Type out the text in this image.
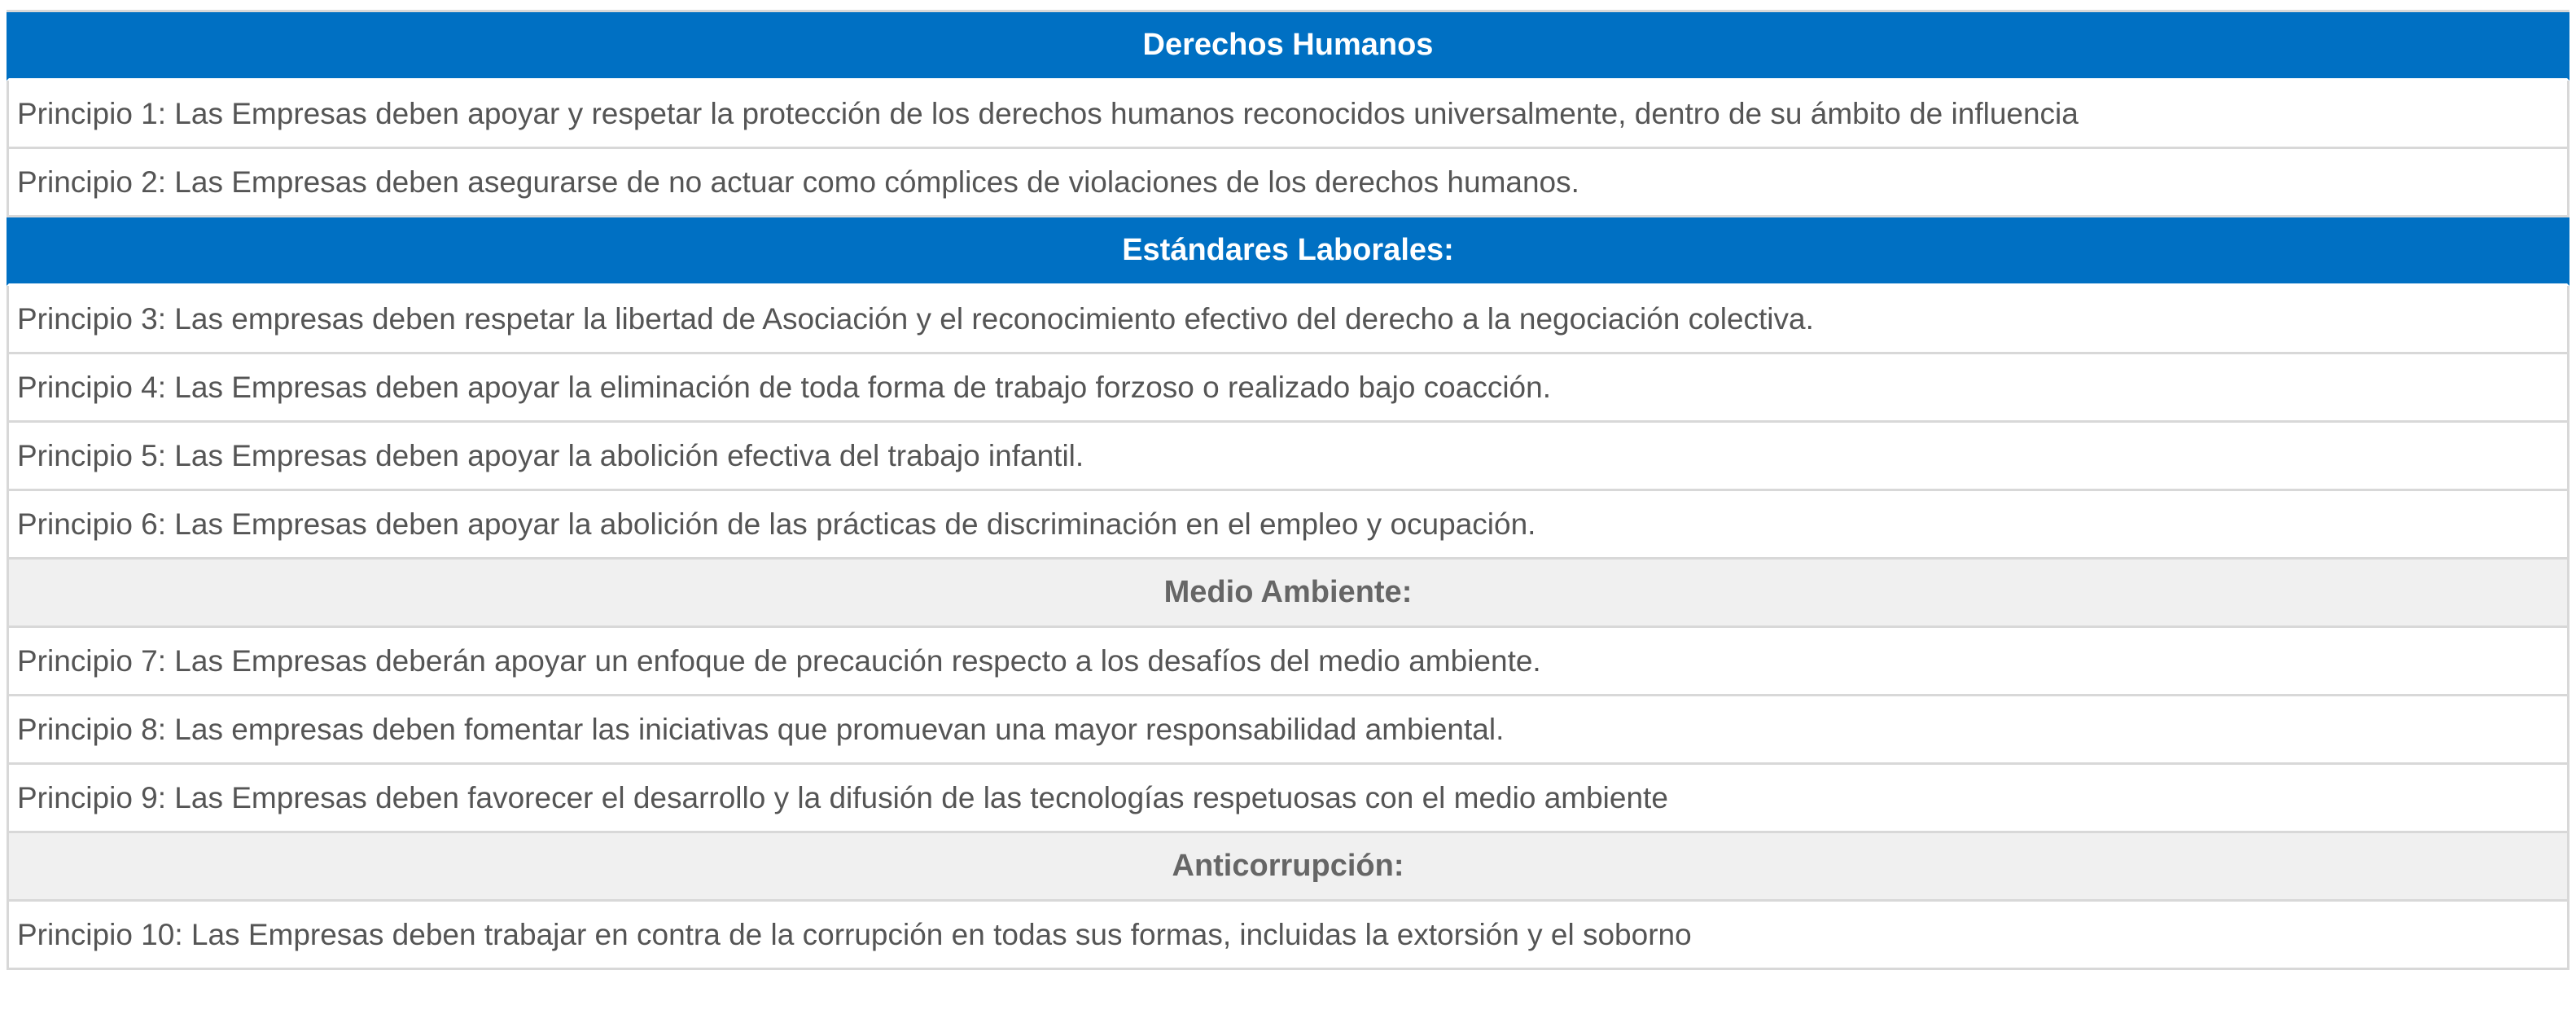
Derechos Humanos
Principio 1: Las Empresas deben apoyar y respetar la protección de los derechos humanos reconocidos universalmente, dentro de su ámbito de influencia
Principio 2: Las Empresas deben asegurarse de no actuar como cómplices de violaciones de los derechos humanos.
Estándares Laborales:
Principio 3: Las empresas deben respetar la libertad de Asociación y el reconocimiento efectivo del derecho a la negociación colectiva.
Principio 4: Las Empresas deben apoyar la eliminación de toda forma de trabajo forzoso o realizado bajo coacción.
Principio 5: Las Empresas deben apoyar la abolición efectiva del trabajo infantil.
Principio 6: Las Empresas deben apoyar la abolición de las prácticas de discriminación en el empleo y ocupación.
Medio Ambiente:
Principio 7: Las Empresas deberán apoyar un enfoque de precaución respecto a los desafíos del medio ambiente.
Principio 8: Las empresas deben fomentar las iniciativas que promuevan una mayor responsabilidad ambiental.
Principio 9: Las Empresas deben favorecer el desarrollo y la difusión de las tecnologías respetuosas con el medio ambiente
Anticorrupción:
Principio 10: Las Empresas deben trabajar en contra de la corrupción en todas sus formas, incluidas la extorsión y el soborno
